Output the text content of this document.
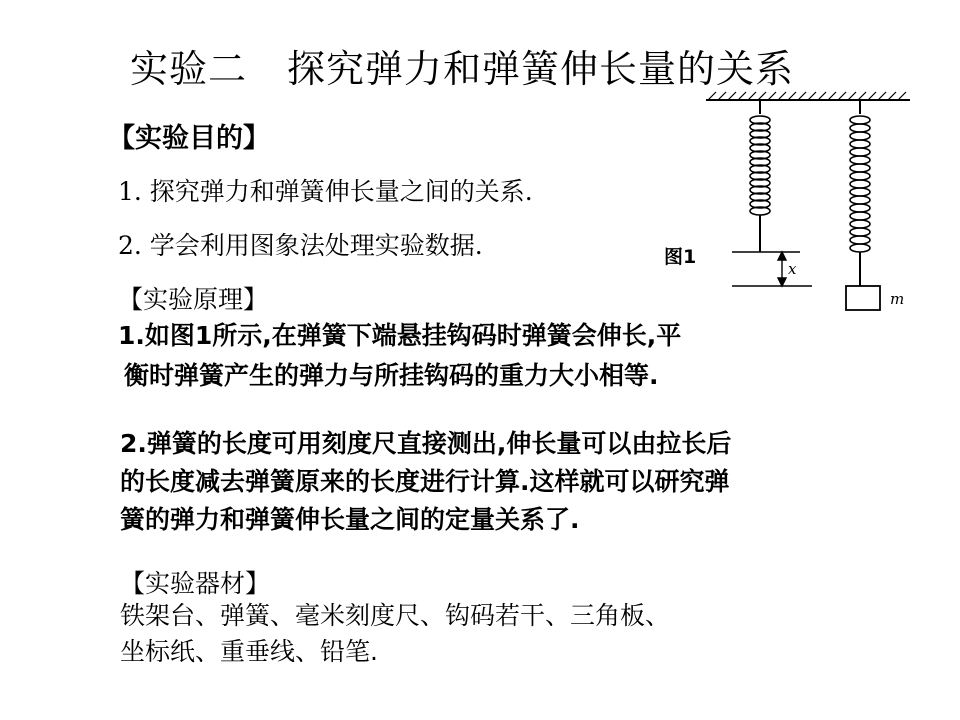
实验二 探究弹力和弹簧伸长量的关系
【实验目的】
1. 探究弹力和弹簧伸长量之间的关系.
2. 学会利用图象法处理实验数据.
【实验原理】
1.如图1所示,在弹簧下端悬挂钩码时弹簧会伸长,平
衡时弹簧产生的弹力与所挂钩码的重力大小相等.
2.弹簧的长度可用刻度尺直接测出,伸长量可以由拉长后
的长度减去弹簧原来的长度进行计算.这样就可以研究弹
簧的弹力和弹簧伸长量之间的定量关系了.
【实验器材】
铁架台、弹簧、毫米刻度尺、钩码若干、三角板、
坐标纸、重垂线、铅笔.
图1
x
m
